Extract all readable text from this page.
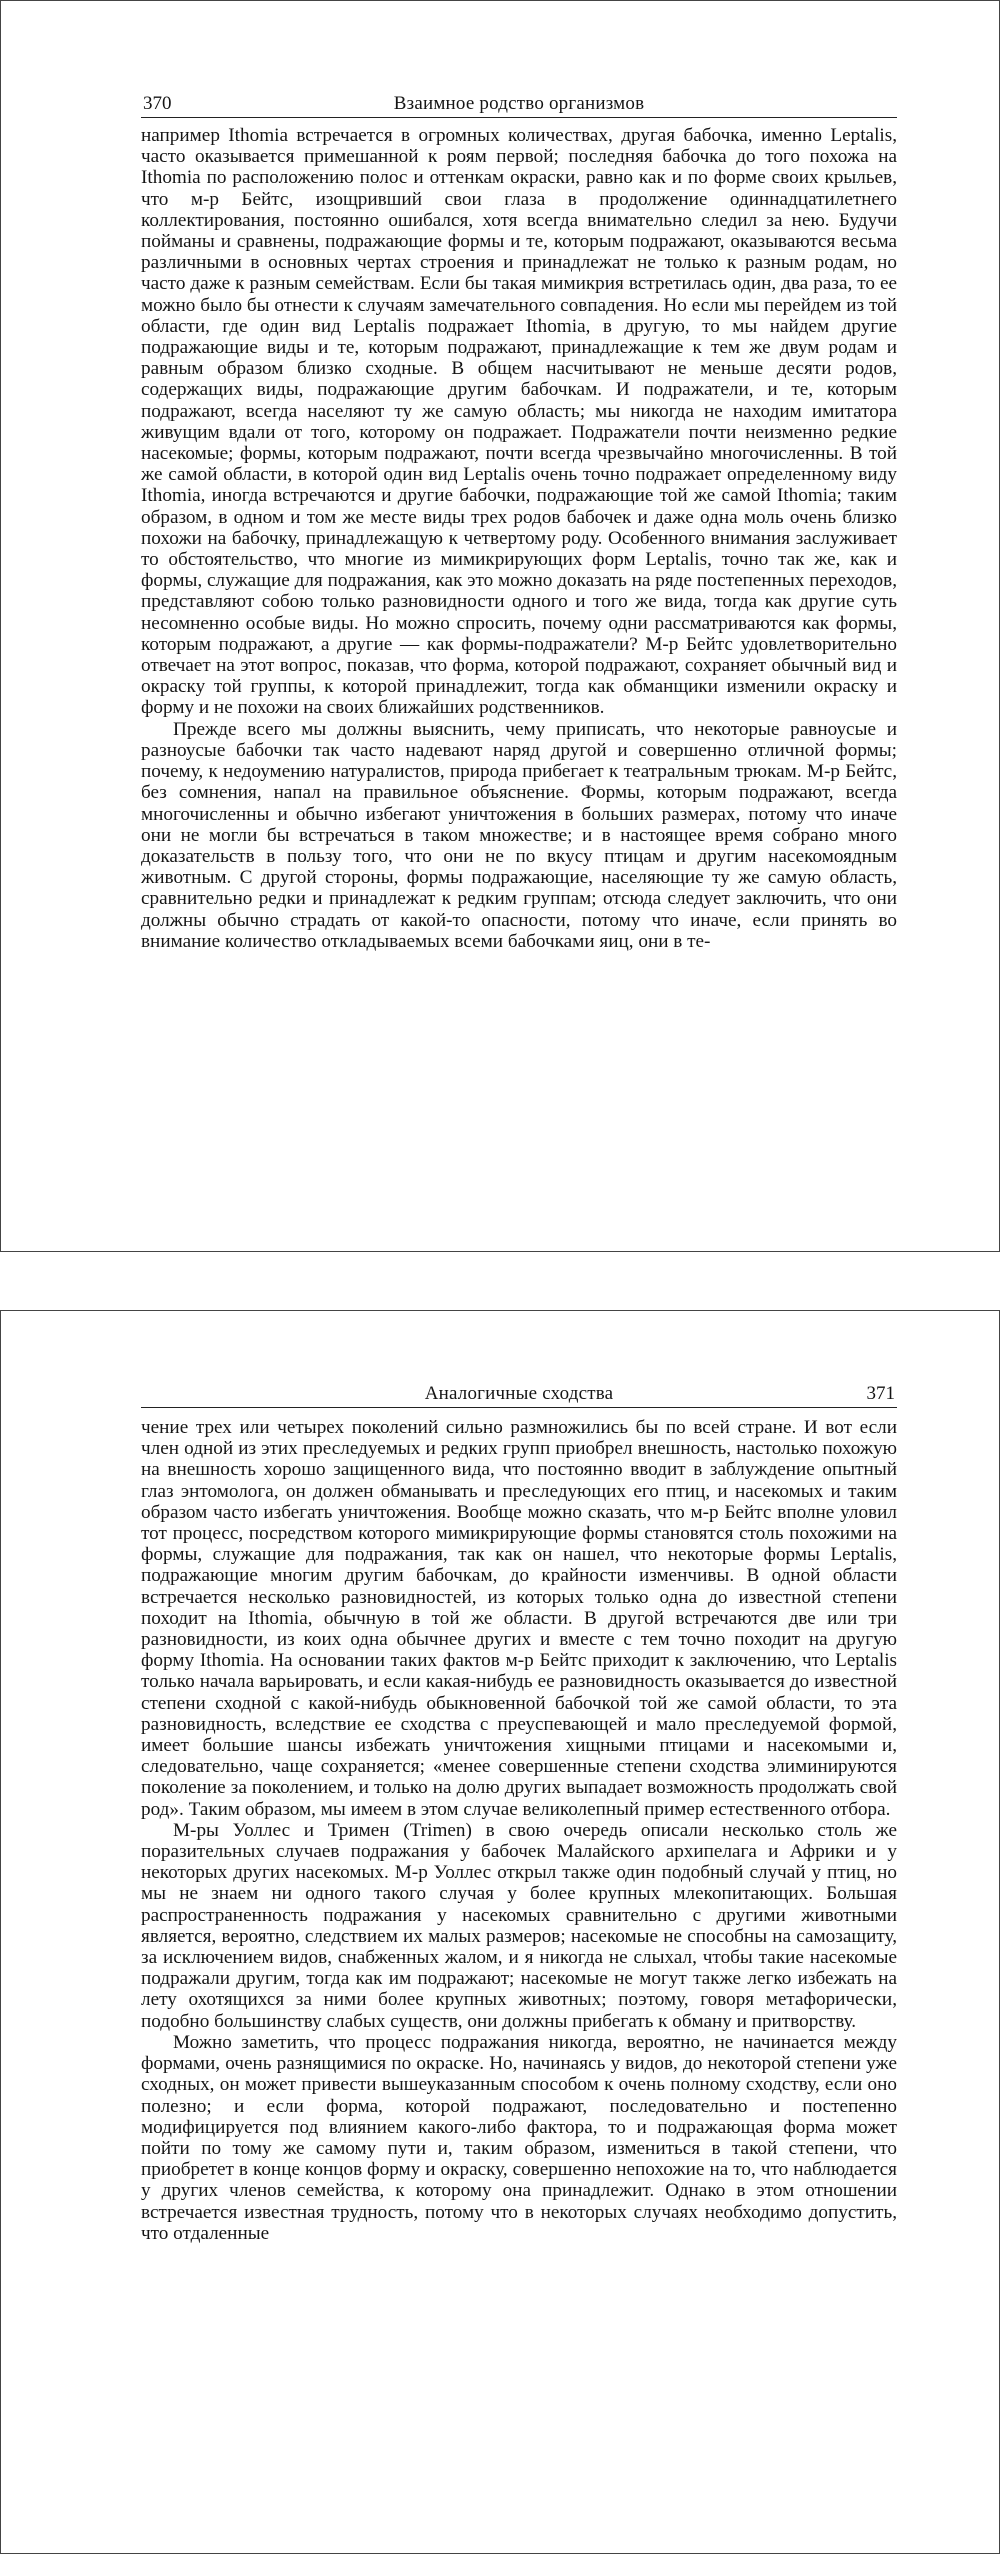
370	Взаимное родство организмов

например Ithomia встречается в огромных количествах, другая бабочка, именно Leptalis, часто оказывается примешанной к роям первой; последняя бабочка до того похожа на Ithomia по расположению полос и оттенкам окраски, равно как и по форме своих крыльев, что м-р Бейтс, изощривший свои глаза в продолжение одиннадцатилетнего коллектирования, постоянно ошибался, хотя всегда внимательно следил за нею. Будучи пойманы и сравнены, подражающие формы и те, которым подражают, оказываются весьма различными в основных чертах строения и принадлежат не только к разным родам, но часто даже к разным семействам. Если бы такая мимикрия встретилась один, два раза, то ее можно было бы отнести к случаям замечательного совпадения. Но если мы перейдем из той области, где один вид Leptalis подражает Ithomia, в другую, то мы найдем другие подражающие виды и те, которым подражают, принадлежащие к тем же двум родам и равным образом близко сходные. В общем насчитывают не меньше десяти родов, содержащих виды, подражающие другим бабочкам. И подражатели, и те, которым подражают, всегда населяют ту же самую область; мы никогда не находим имитатора живущим вдали от того, которому он подражает. Подражатели почти неизменно редкие насекомые; формы, которым подражают, почти всегда чрезвычайно многочисленны. В той же самой области, в которой один вид Leptalis очень точно подражает определенному виду Ithomia, иногда встречаются и другие бабочки, подражающие той же самой Ithomia; таким образом, в одном и том же месте виды трех родов бабочек и даже одна моль очень близко похожи на бабочку, принадлежащую к четвертому роду. Особенного внимания заслуживает то обстоятельство, что многие из мимикрирующих форм Leptalis, точно так же, как и формы, служащие для подражания, как это можно доказать на ряде постепенных переходов, представляют собою только разновидности одного и того же вида, тогда как другие суть несомненно особые виды. Но можно спросить, почему одни рассматриваются как формы, которым подражают, а другие — как формы-подражатели? М-р Бейтс удовлетворительно отвечает на этот вопрос, показав, что форма, которой подражают, сохраняет обычный вид и окраску той группы, к которой принадлежит, тогда как обманщики изменили окраску и форму и не похожи на своих ближайших родственников.

Прежде всего мы должны выяснить, чему приписать, что некоторые равноусые и разноусые бабочки так часто надевают наряд другой и совершенно отличной формы; почему, к недоумению натуралистов, природа прибегает к театральным трюкам. М-р Бейтс, без сомнения, напал на правильное объяснение. Формы, которым подражают, всегда многочисленны и обычно избегают уничтожения в больших размерах, потому что иначе они не могли бы встречаться в таком множестве; и в настоящее время собрано много доказательств в пользу того, что они не по вкусу птицам и другим насекомоядным животным. С другой стороны, формы подражающие, населяющие ту же самую область, сравнительно редки и принадлежат к редким группам; отсюда следует заключить, что они должны обычно страдать от какой-то опасности, потому что иначе, если принять во внимание количество откладываемых всеми бабочками яиц, они в те-

Аналогичные сходства	371

чение трех или четырех поколений сильно размножились бы по всей стране. И вот если член одной из этих преследуемых и редких групп приобрел внешность, настолько похожую на внешность хорошо защищенного вида, что постоянно вводит в заблуждение опытный глаз энтомолога, он должен обманывать и преследующих его птиц, и насекомых и таким образом часто избегать уничтожения. Вообще можно сказать, что м-р Бейтс вполне уловил тот процесс, посредством которого мимикрирующие формы становятся столь похожими на формы, служащие для подражания, так как он нашел, что некоторые формы Leptalis, подражающие многим другим бабочкам, до крайности изменчивы. В одной области встречается несколько разновидностей, из которых только одна до известной степени походит на Ithomia, обычную в той же области. В другой встречаются две или три разновидности, из коих одна обычнее других и вместе с тем точно походит на другую форму Ithomia. На основании таких фактов м-р Бейтс приходит к заключению, что Leptalis только начала варьировать, и если какая-нибудь ее разновидность оказывается до известной степени сходной с какой-нибудь обыкновенной бабочкой той же самой области, то эта разновидность, вследствие ее сходства с преуспевающей и мало преследуемой формой, имеет большие шансы избежать уничтожения хищными птицами и насекомыми и, следовательно, чаще сохраняется; «менее совершенные степени сходства элиминируются поколение за поколением, и только на долю других выпадает возможность продолжать свой род». Таким образом, мы имеем в этом случае великолепный пример естественного отбора.

М-ры Уоллес и Тримен (Trimen) в свою очередь описали несколько столь же поразительных случаев подражания у бабочек Малайского архипелага и Африки и у некоторых других насекомых. М-р Уоллес открыл также один подобный случай у птиц, но мы не знаем ни одного такого случая у более крупных млекопитающих. Большая распространенность подражания у насекомых сравнительно с другими животными является, вероятно, следствием их малых размеров; насекомые не способны на самозащиту, за исключением видов, снабженных жалом, и я никогда не слыхал, чтобы такие насекомые подражали другим, тогда как им подражают; насекомые не могут также легко избежать на лету охотящихся за ними более крупных животных; поэтому, говоря метафорически, подобно большинству слабых существ, они должны прибегать к обману и притворству.

Можно заметить, что процесс подражания никогда, вероятно, не начинается между формами, очень разнящимися по окраске. Но, начинаясь у видов, до некоторой степени уже сходных, он может привести вышеуказанным способом к очень полному сходству, если оно полезно; и если форма, которой подражают, последовательно и постепенно модифицируется под влиянием какого-либо фактора, то и подражающая форма может пойти по тому же самому пути и, таким образом, измениться в такой степени, что приобретет в конце концов форму и окраску, совершенно непохожие на то, что наблюдается у других членов семейства, к которому она принадлежит. Однако в этом отношении встречается известная трудность, потому что в некоторых случаях необходимо допустить, что отдаленные
